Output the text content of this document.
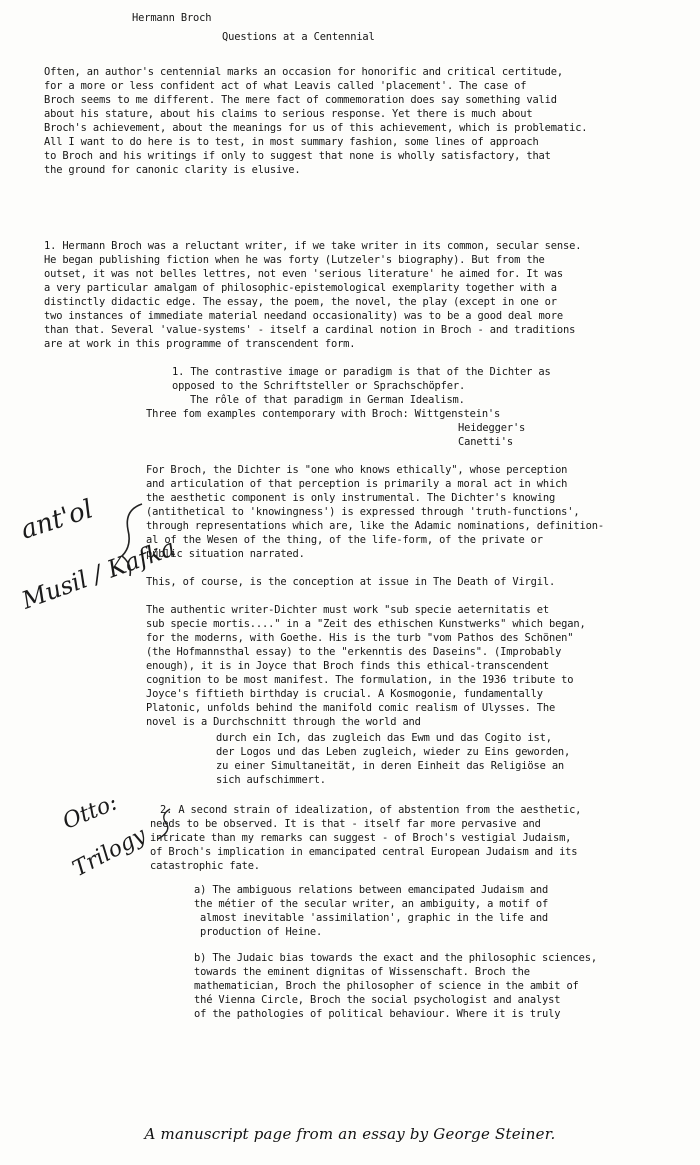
Hermann Broch
Questions at a Centennial
Often, an author's centennial marks an occasion for honorific and critical certitude,
for a more or less confident act of what Leavis called 'placement'. The case of
Broch seems to me different. The mere fact of commemoration does say something valid
about his stature, about his claims to serious response. Yet there is much about
Broch's achievement, about the meanings for us of this achievement, which is problematic.
All I want to do here is to test, in most summary fashion, some lines of approach
to Broch and his writings if only to suggest that none is wholly satisfactory, that
the ground for canonic clarity is elusive.
1. Hermann Broch was a reluctant writer, if we take writer in its common, secular sense.
He began publishing fiction when he was forty (Lutzeler's biography). But from the
outset, it was not belles lettres, not even 'serious literature' he aimed for. It was
a very particular amalgam of philosophic-epistemological exemplarity together with a
distinctly didactic edge. The essay, the poem, the novel, the play (except in one or
two instances of immediate material needand occasionality) was to be a good deal more
than that. Several 'value-systems' - itself a cardinal notion in Broch - and traditions
are at work in this programme of transcendent form.
1. The contrastive image or paradigm is that of the Dichter as
opposed to the Schriftsteller or Sprachschöpfer.
The rôle of that paradigm in German Idealism.
Three fom examples contemporary with Broch: Wittgenstein's
Heidegger's
Canetti's
For Broch, the Dichter is "one who knows ethically", whose perception
and articulation of that perception is primarily a moral act in which
the aesthetic component is only instrumental. The Dichter's knowing
(antithetical to 'knowingness') is expressed through 'truth-functions',
through representations which are, like the Adamic nominations, definition-
al of the Wesen of the thing, of the life-form, of the private or
public situation narrated.
This, of course, is the conception at issue in The Death of Virgil.
The authentic writer-Dichter must work "sub specie aeternitatis et
sub specie mortis...." in a "Zeit des ethischen Kunstwerks" which began,
for the moderns, with Goethe. His is the turb "vom Pathos des Schönen"
(the Hofmannsthal essay) to the "erkenntis des Daseins". (Improbably
enough), it is in Joyce that Broch finds this ethical-transcendent
cognition to be most manifest. The formulation, in the 1936 tribute to
Joyce's fiftieth birthday is crucial. A Kosmogonie, fundamentally
Platonic, unfolds behind the manifold comic realism of Ulysses. The
novel is a Durchschnitt through the world and
durch ein Ich, das zugleich das Ewm und das Cogito ist,
der Logos und das Leben zugleich, wieder zu Eins geworden,
zu einer Simultaneität, in deren Einheit das Religiöse an
sich aufschimmert.
2. A second strain of idealization, of abstention from the aesthetic,
needs to be observed. It is that - itself far more pervasive and
intricate than my remarks can suggest - of Broch's vestigial Judaism,
of Broch's implication in emancipated central European Judaism and its
catastrophic fate.
a) The ambiguous relations between emancipated Judaism and
the métier of the secular writer, an ambiguity, a motif of
almost inevitable 'assimilation', graphic in the life and
production of Heine.
b) The Judaic bias towards the exact and the philosophic sciences,
towards the eminent dignitas of Wissenschaft. Broch the
mathematician, Broch the philosopher of science in the ambit of
thé Vienna Circle, Broch the social psychologist and analyst
of the pathologies of political behaviour. Where it is truly
ant'ol
Musil / Kafka
Otto:
Trilogy
A manuscript page from an essay by George Steiner.
